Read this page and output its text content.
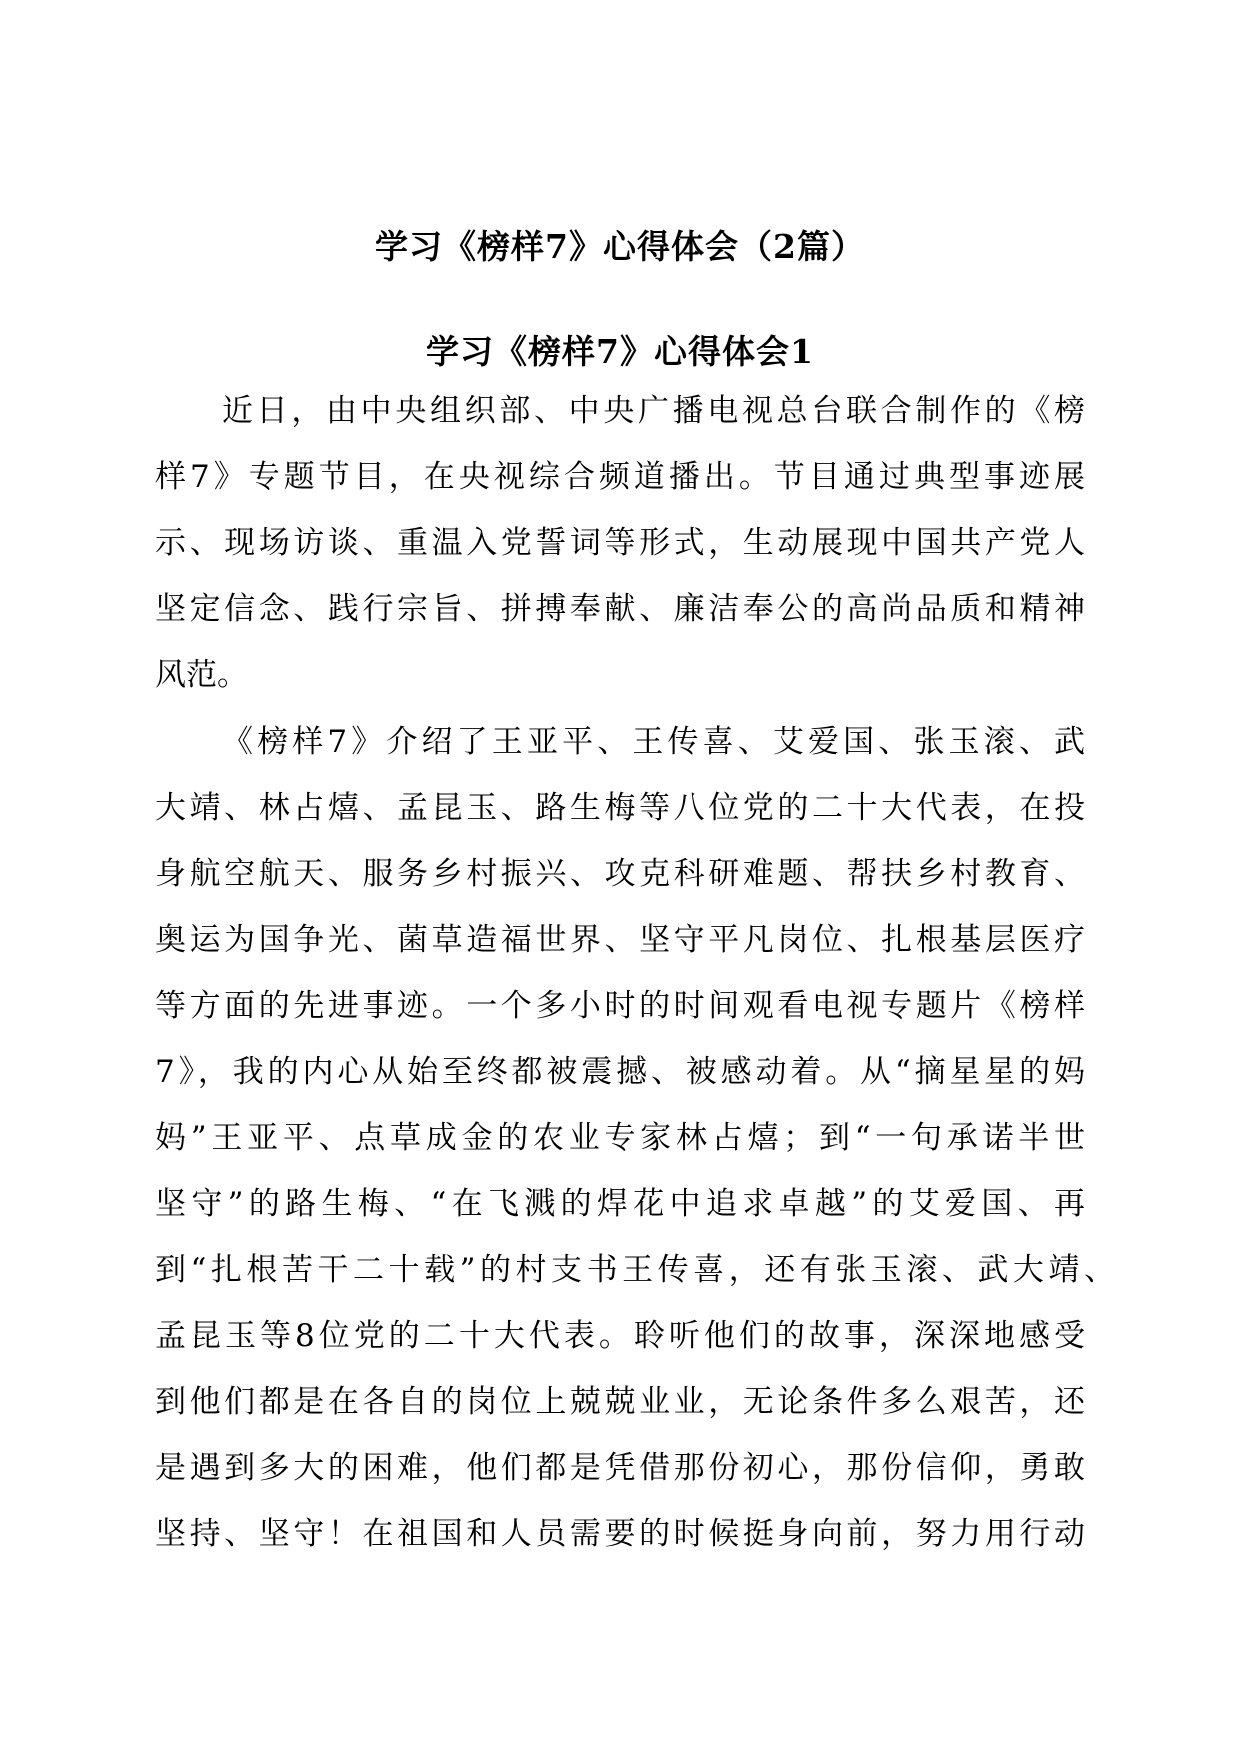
学习《榜样7》心得体会（2篇）
学习《榜样7》心得体会1
近日，由中央组织部、中央广播电视总台联合制作的《榜
样7》专题节目，在央视综合频道播出。节目通过典型事迹展
示、现场访谈、重温入党誓词等形式，生动展现中国共产党人
坚定信念、践行宗旨、拼搏奉献、廉洁奉公的高尚品质和精神
风范。
《榜样7》介绍了王亚平、王传喜、艾爱国、张玉滚、武
大靖、林占熺、孟昆玉、路生梅等八位党的二十大代表，在投
身航空航天、服务乡村振兴、攻克科研难题、帮扶乡村教育、
奥运为国争光、菌草造福世界、坚守平凡岗位、扎根基层医疗
等方面的先进事迹。一个多小时的时间观看电视专题片《榜样
7》，我的内心从始至终都被震撼、被感动着。从“摘星星的妈
妈”王亚平、点草成金的农业专家林占熺；到“一句承诺半世
坚守”的路生梅、“在飞溅的焊花中追求卓越”的艾爱国、再
到“扎根苦干二十载”的村支书王传喜，还有张玉滚、武大靖、
孟昆玉等8位党的二十大代表。聆听他们的故事，深深地感受
到他们都是在各自的岗位上兢兢业业，无论条件多么艰苦，还
是遇到多大的困难，他们都是凭借那份初心，那份信仰，勇敢
坚持、坚守！在祖国和人员需要的时候挺身向前，努力用行动
